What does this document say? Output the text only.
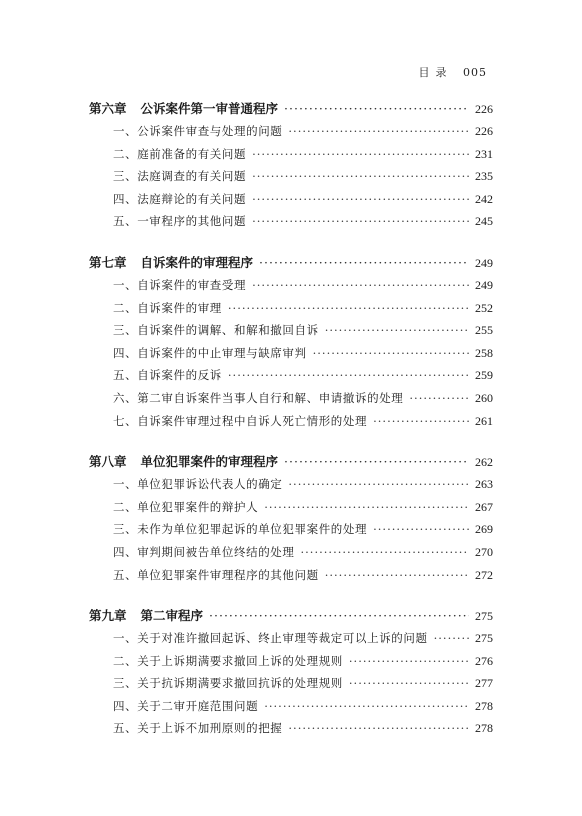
目录 005
第六章 公诉案件第一审普通程序 ·····	226
一、公诉案件审查与处理的问题 ·····	226
二、庭前准备的有关问题 ·····	231
三、法庭调查的有关问题 ·····	235
四、法庭辩论的有关问题 ·····	242
五、一审程序的其他问题 ·····	245
第七章 自诉案件的审理程序 ·····	249
一、自诉案件的审查受理 ·····	249
二、自诉案件的审理 ·····	252
三、自诉案件的调解、和解和撤回自诉 ·····	255
四、自诉案件的中止审理与缺席审判 ·····	258
五、自诉案件的反诉 ·····	259
六、第二审自诉案件当事人自行和解、申请撤诉的处理 ·····	260
七、自诉案件审理过程中自诉人死亡情形的处理 ·····	261
第八章 单位犯罪案件的审理程序 ·····	262
一、单位犯罪诉讼代表人的确定 ·····	263
二、单位犯罪案件的辩护人 ·····	267
三、未作为单位犯罪起诉的单位犯罪案件的处理 ·····	269
四、审判期间被告单位终结的处理 ·····	270
五、单位犯罪案件审理程序的其他问题 ·····	272
第九章 第二审程序 ·····	275
一、关于对准许撤回起诉、终止审理等裁定可以上诉的问题 ·····	275
二、关于上诉期满要求撤回上诉的处理规则 ·····	276
三、关于抗诉期满要求撤回抗诉的处理规则 ·····	277
四、关于二审开庭范围问题 ·····	278
五、关于上诉不加刑原则的把握 ·····	278
